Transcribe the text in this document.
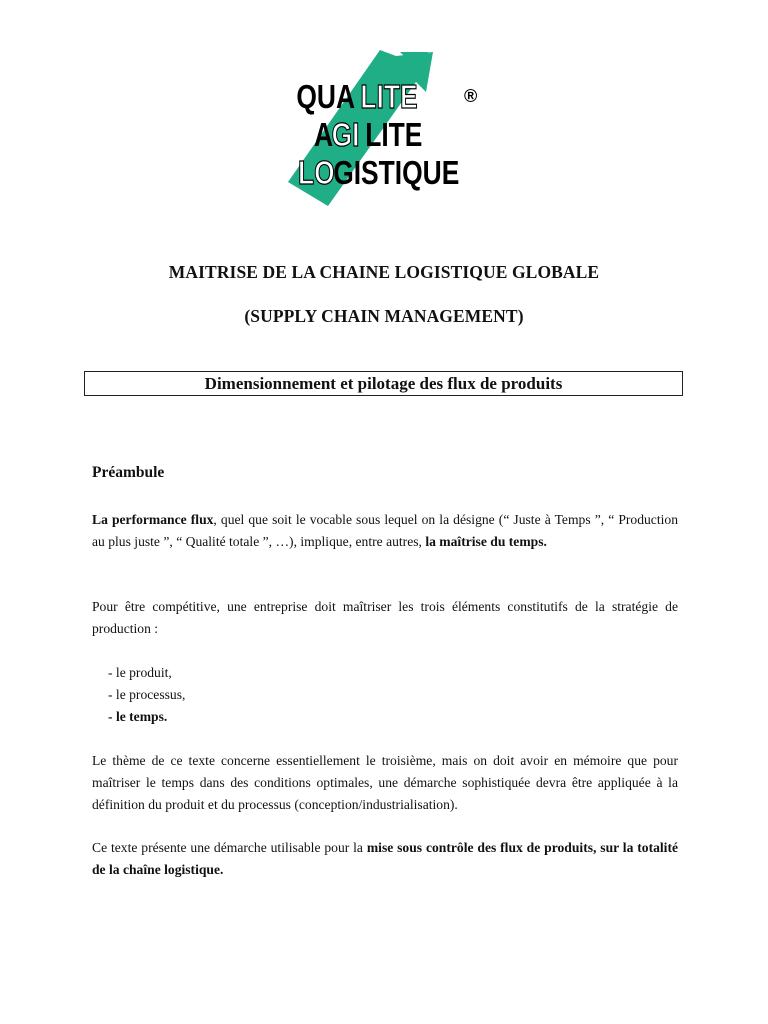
QUA LITE	®
A
GI LITE
LO
GISTIQUE
MAITRISE DE LA CHAINE LOGISTIQUE GLOBALE
(SUPPLY CHAIN MANAGEMENT)
Dimensionnement et pilotage des flux de produits
Préambule
La performance flux, quel que soit le vocable sous lequel on la désigne (“ Juste à Temps ”, “ Production au plus juste ”, “ Qualité totale ”, …), implique, entre autres, la maîtrise du temps.
Pour être compétitive, une entreprise doit maîtriser les trois éléments constitutifs de la stratégie de production :
- le produit,
- le processus,
- le temps.
Le thème de ce texte concerne essentiellement le troisième, mais on doit avoir en mémoire que pour maîtriser le temps dans des conditions optimales, une démarche sophistiquée devra être appliquée à la définition du produit et du processus (conception/industrialisation).
Ce texte présente une démarche utilisable pour la mise sous contrôle des flux de produits, sur la totalité de la chaîne logistique.
